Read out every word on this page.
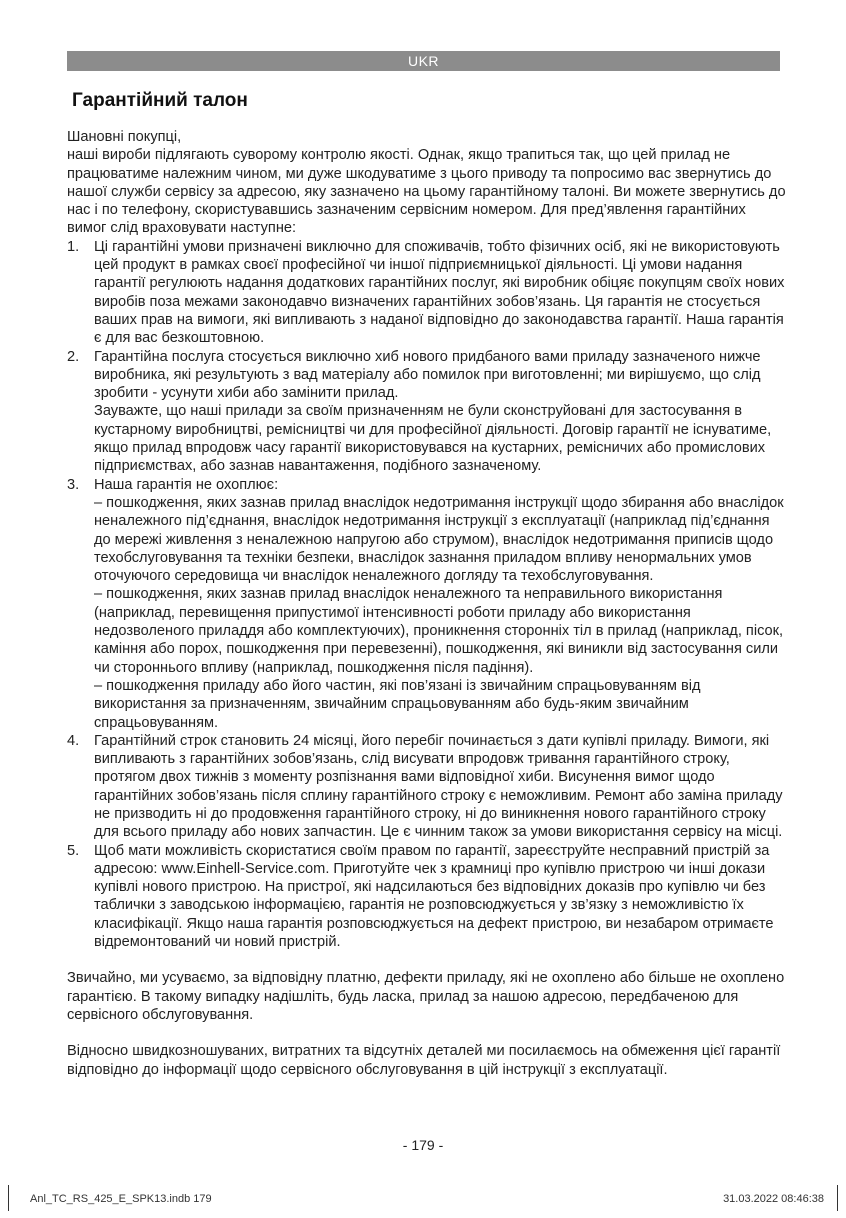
UKR
Гарантійний талон

Шановні покупці,

наші вироби підлягають суворому контролю якості. Однак, якщо трапиться так, що цей прилад не працюватиме належним чином, ми дуже шкодуватиме з цього приводу та попросимо вас звернутись до нашої служби сервісу за адресою, яку зазначено на цьому гарантійному талоні. Ви можете звернутись до нас і по телефону, скористувавшись зазначеним сервісним номером. Для пред’явлення гарантійних вимог слід враховувати наступне:

1.	Ці гарантійні умови призначені виключно для споживачів, тобто фізичних осіб, які не використовують цей продукт в рамках своєї професійної чи іншої підприємницької діяльності. Ці умови надання гарантії регулюють надання додаткових гарантійних послуг, які виробник обіцяє покупцям своїх нових виробів поза межами законодавчо визначених гарантійних зобов’язань. Ця гарантія не стосується ваших прав на вимоги, які випливають з наданої відповідно до законодавства гарантії. Наша гарантія є для вас безкоштовною.

2.	Гарантійна послуга стосується виключно хиб нового придбаного вами приладу зазначеного нижче виробника, які результують з вад матеріалу або помилок при виготовленні; ми вирішуємо, що слід зробити - усунути хиби або замінити прилад.

Зауважте, що наші прилади за своїм призначенням не були сконструйовані для застосування в кустарному виробництві, ремісництві чи для професійної діяльності. Договір гарантії не існуватиме, якщо прилад впродовж часу гарантії використовувався на кустарних, ремісничих або промислових підприємствах, або зазнав навантаження, подібного зазначеному.

3.	Наша гарантія не охоплює:

– пошкодження, яких зазнав прилад внаслідок недотримання інструкції щодо збирання або внаслідок неналежного під’єднання, внаслідок недотримання інструкції з експлуатації (наприклад під’єднання до мережі живлення з неналежною напругою або струмом), внаслідок недотримання приписів щодо техобслуговування та техніки безпеки, внаслідок зазнання приладом впливу ненормальних умов оточуючого середовища чи внаслідок неналежного догляду та техобслуговування.

– пошкодження, яких зазнав прилад внаслідок неналежного та неправильного використання (наприклад, перевищення припустимої інтенсивності роботи приладу або використання недозволеного приладдя або комплектуючих), проникнення сторонніх тіл в прилад (наприклад, пісок, каміння або порох, пошкодження при перевезенні), пошкодження, які виникли від застосування сили чи стороннього впливу (наприклад, пошкодження після падіння).

– пошкодження приладу або його частин, які пов’язані із звичайним спрацьовуванням від використання за призначенням, звичайним спрацьовуванням або будь-яким звичайним спрацьовуванням.

4.	Гарантійний строк становить 24 місяці, його перебіг починається з дати купівлі приладу. Вимоги, які випливають з гарантійних зобов’язань, слід висувати впродовж тривання гарантійного строку, протягом двох тижнів з моменту розпізнання вами відповідної хиби. Висунення вимог щодо гарантійних зобов’язань після сплину гарантійного строку є неможливим. Ремонт або заміна приладу не призводить ні до продовження гарантійного строку, ні до виникнення нового гарантійного строку для всього приладу або нових запчастин. Це є чинним також за умови використання сервісу на місці.

5.	Щоб мати можливість скористатися своїм правом по гарантії, зареєструйте несправний пристрій за адресою: www.Einhell-Service.com. Приготуйте чек з крамниці про купівлю пристрою чи інші докази купівлі нового пристрою. На пристрої, які надсилаються без відповідних доказів про купівлю чи без таблички з заводською інформацією, гарантія не розповсюджується у зв’язку з неможливістю їх класифікації. Якщо наша гарантія розповсюджується на дефект пристрою, ви незабаром отримаєте відремонтований чи новий пристрій.

Звичайно, ми усуваємо, за відповідну платню, дефекти приладу, які не охоплено або більше не охоплено гарантією. В такому випадку надішліть, будь ласка, прилад за нашою адресою, передбаченою для сервісного обслуговування.

Відносно швидкозношуваних, витратних та відсутніх деталей ми посилаємось на обмеження цієї гарантії відповідно до інформації щодо сервісного обслуговування в цій інструкції з експлуатації.

- 179 -
Anl_TC_RS_425_E_SPK13.indb 179	31.03.2022 08:46:38
